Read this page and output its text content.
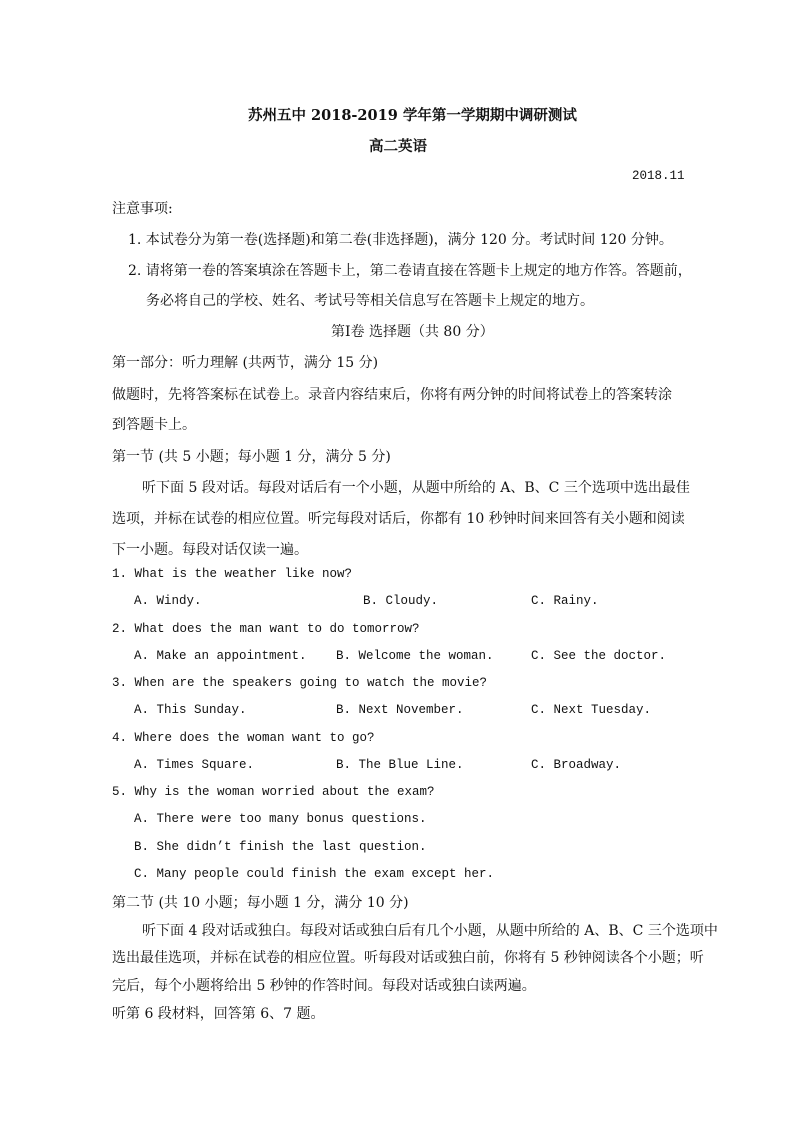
苏州五中 2018-2019 学年第一学期期中调研测试
高二英语
2018.11
注意事项:
1. 本试卷分为第一卷(选择题)和第二卷(非选择题)，满分 120 分。考试时间 120 分钟。
2. 请将第一卷的答案填涂在答题卡上，第二卷请直接在答题卡上规定的地方作答。答题前，
务必将自己的学校、姓名、考试号等相关信息写在答题卡上规定的地方。
第Ⅰ卷 选择题（共 80 分）
第一部分：听力理解 (共两节，满分 15 分)
做题时，先将答案标在试卷上。录音内容结束后，你将有两分钟的时间将试卷上的答案转涂
到答题卡上。
第一节 (共 5 小题；每小题 1 分，满分 5 分)
听下面 5 段对话。每段对话后有一个小题，从题中所给的 A、B、C 三个选项中选出最佳
选项，并标在试卷的相应位置。听完每段对话后，你都有 10 秒钟时间来回答有关小题和阅读
下一小题。每段对话仅读一遍。
1. What is the weather like now?
A. Windy.	B. Cloudy.	C. Rainy.
2. What does the man want to do tomorrow?
A. Make an appointment. B. Welcome the woman.	C. See the doctor.
3. When are the speakers going to watch the movie?
A. This Sunday.	B. Next November.	C. Next Tuesday.
4. Where does the woman want to go?
A. Times Square.	B. The Blue Line.	C. Broadway.
5. Why is the woman worried about the exam?
A. There were too many bonus questions.
B. She didn’t finish the last question.
C. Many people could finish the exam except her.
第二节 (共 10 小题；每小题 1 分，满分 10 分)
听下面 4 段对话或独白。每段对话或独白后有几个小题，从题中所给的 A、B、C 三个选项中
选出最佳选项，并标在试卷的相应位置。听每段对话或独白前，你将有 5 秒钟阅读各个小题；听
完后，每个小题将给出 5 秒钟的作答时间。每段对话或独白读两遍。
听第 6 段材料，回答第 6、7 题。
